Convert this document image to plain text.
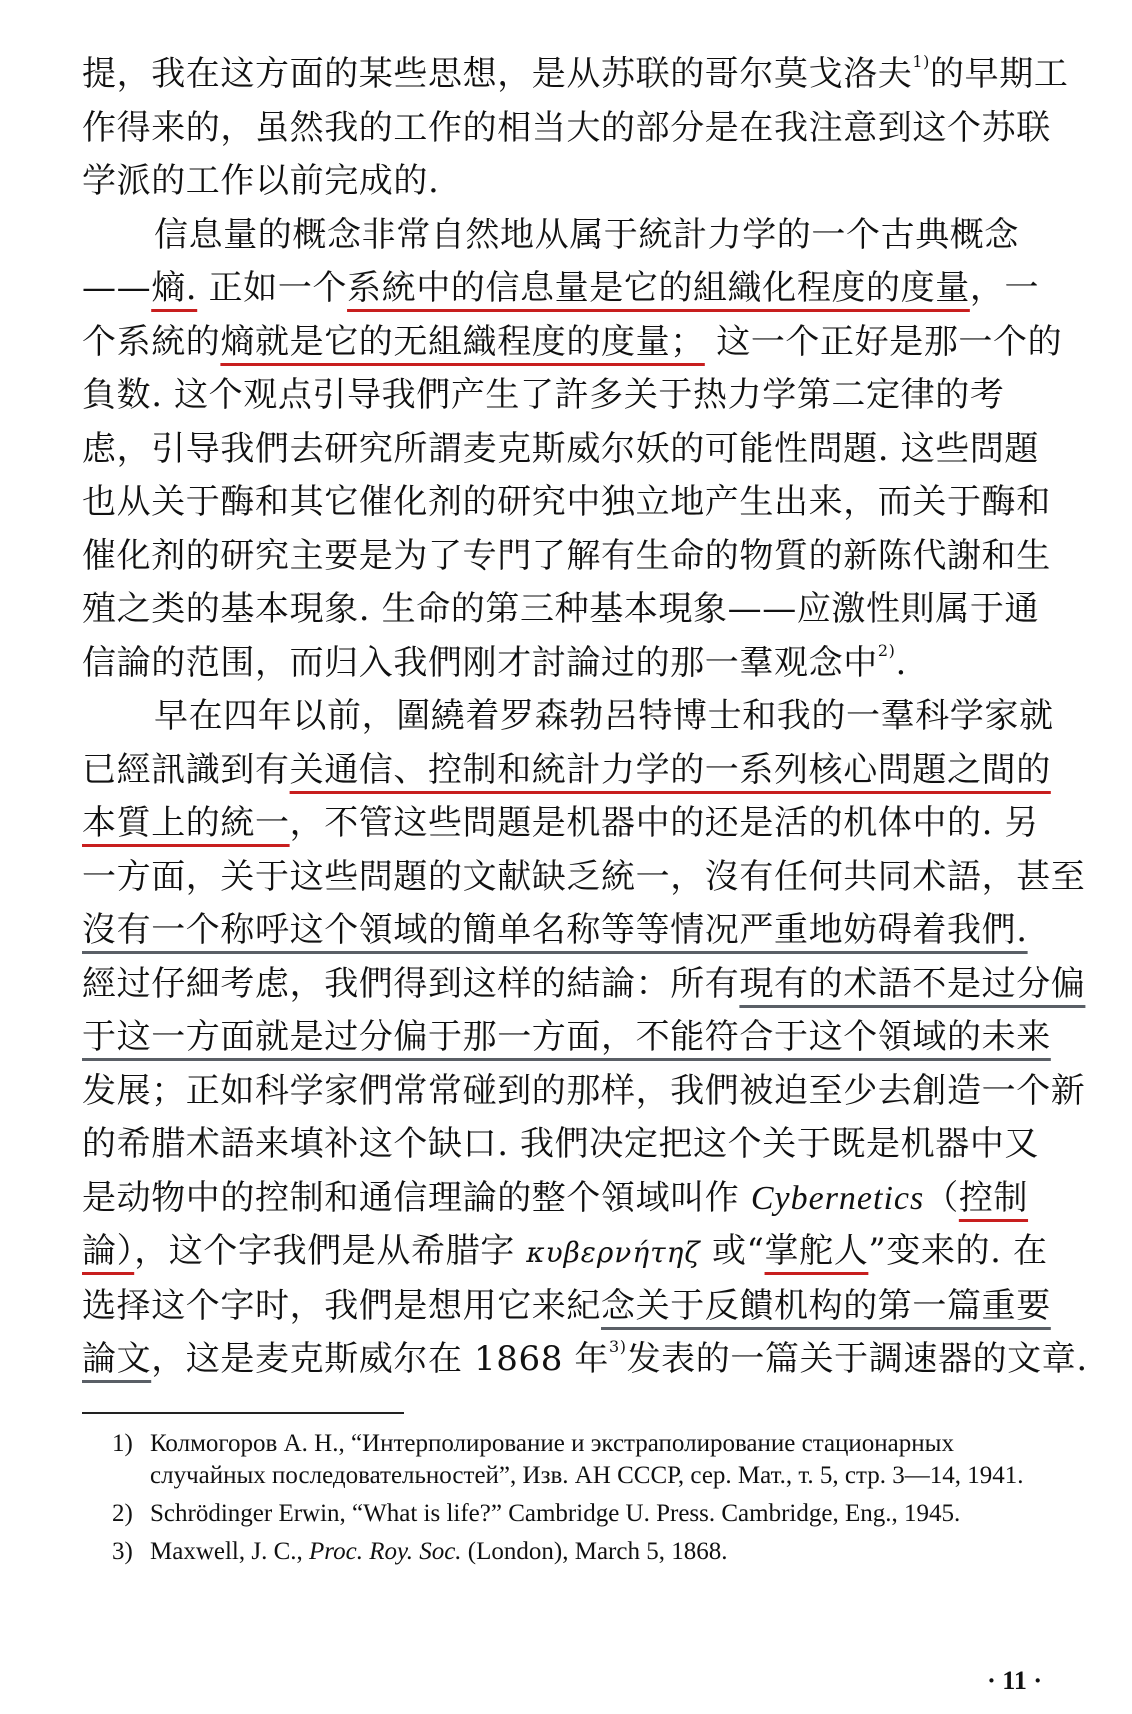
提，我在这方面的某些思想，是从苏联的哥尔莫戈洛夫$^{1)}$的早期工
作得来的，虽然我的工作的相当大的部分是在我注意到这个苏联
学派的工作以前完成的.

信息量的概念非常自然地从属于統計力学的一个古典概念
——熵. 正如一个系統中的信息量是它的組織化程度的度量，一
个系統的熵就是它的无組織程度的度量； 这一个正好是那一个的
負数. 这个观点引导我們产生了許多关于热力学第二定律的考
虑，引导我們去研究所謂麦克斯威尔妖的可能性問題. 这些問題
也从关于酶和其它催化剂的研究中独立地产生出来，而关于酶和
催化剂的研究主要是为了专門了解有生命的物質的新陈代謝和生
殖之类的基本現象. 生命的第三种基本現象——应激性則属于通
信論的范围，而归入我們刚才討論过的那一羣观念中$^{2)}$.

早在四年以前，圍繞着罗森勃呂特博士和我的一羣科学家就
已經訊識到有关通信、控制和統計力学的一系列核心問題之間的
本質上的統一，不管这些問題是机器中的还是活的机体中的. 另
一方面，关于这些問題的文献缺乏統一，沒有任何共同术語，甚至
沒有一个称呼这个領域的簡单名称等等情况严重地妨碍着我們.
經过仔細考虑，我們得到这样的結論：所有現有的术語不是过分偏
于这一方面就是过分偏于那一方面，不能符合于这个領域的未来
发展；正如科学家們常常碰到的那样，我們被迫至少去創造一个新
的希腊术語来填补这个缺口. 我們决定把这个关于既是机器中又
是动物中的控制和通信理論的整个領域叫作 Cybernetics（控制
論），这个字我們是从希腊字 κυβερνήτηζ 或“掌舵人”变来的. 在
选择这个字时，我們是想用它来紀念关于反饋机构的第一篇重要
論文，这是麦克斯威尔在 1868 年$^{3)}$发表的一篇关于調速器的文章.

1) Колмогоров А. Н., “Интерполирование и экстраполирование стационарных случайных последовательностей”, Изв. АН СССР, сер. Мат., т. 5, стр. 3—14, 1941.
2) Schrödinger Erwin, “What is life?” Cambridge U. Press. Cambridge, Eng., 1945.
3) Maxwell, J. C., Proc. Roy. Soc. (London), March 5, 1868.
· 11 ·
